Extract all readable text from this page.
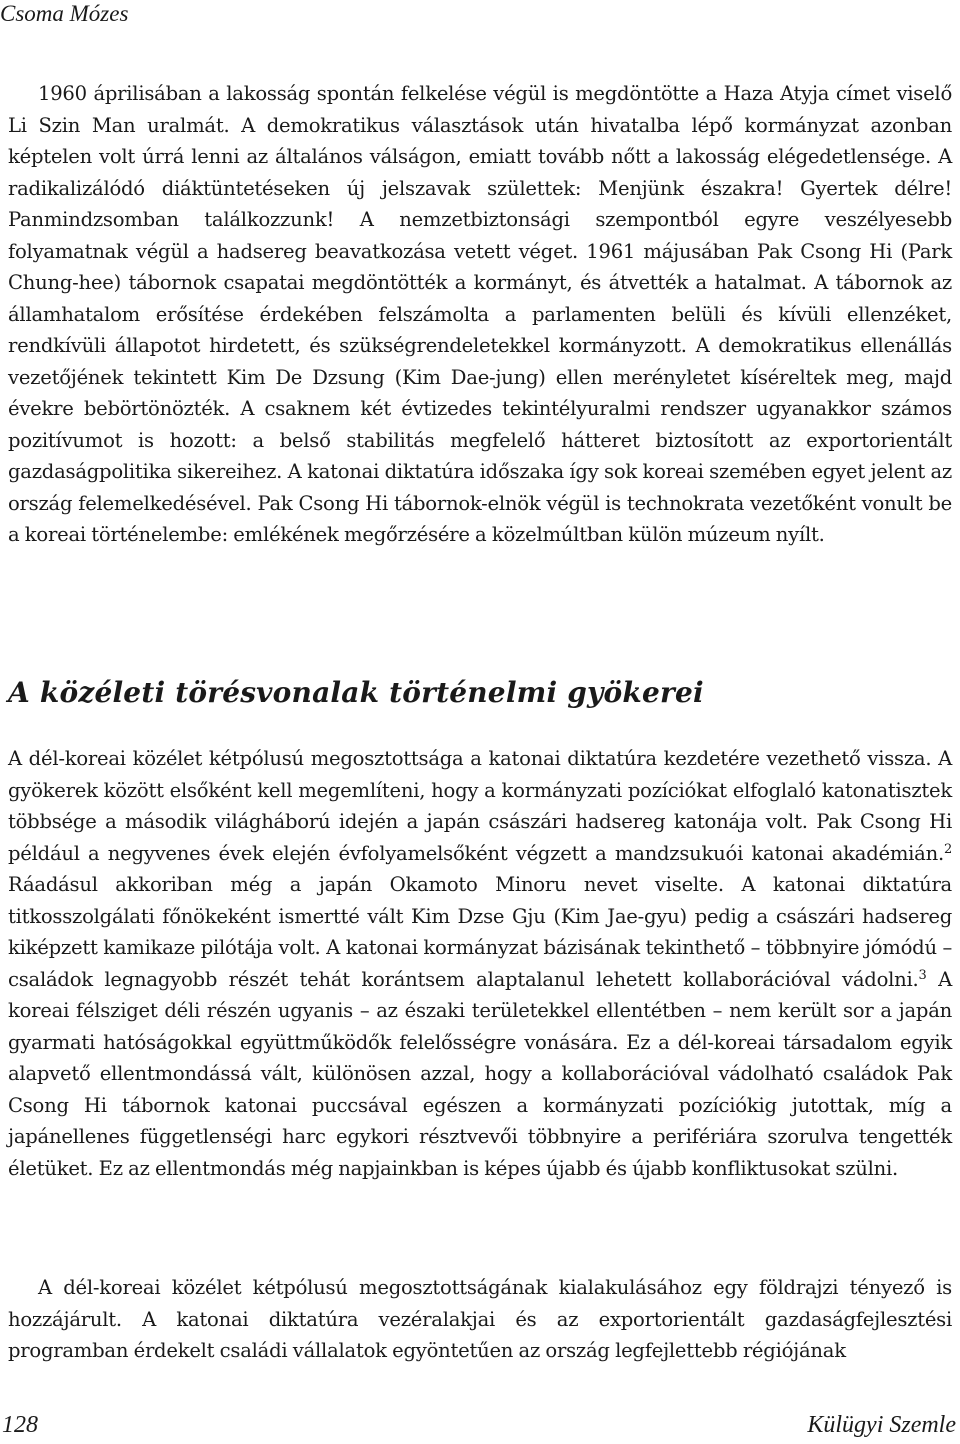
Csoma Mózes

1960 áprilisában a lakosság spontán felkelése végül is megdöntötte a Haza Atyja címet viselő Li Szin Man uralmát. A demokratikus választások után hivatalba lépő kormányzat azonban képtelen volt úrrá lenni az általános válságon, emiatt tovább nőtt a lakosság elégedetlensége. A radikalizálódó diáktüntetéseken új jelszavak születtek: Menjünk északra! Gyertek délre! Panmindzsomban találkozzunk! A nemzetbiztonsági szempontból egyre veszélyesebb folyamatnak végül a hadsereg beavatkozása vetett véget. 1961 májusában Pak Csong Hi (Park Chung-hee) tábornok csapatai megdöntötték a kormányt, és átvették a hatalmat. A tábornok az államhatalom erősítése érdekében felszámolta a parlamenten belüli és kívüli ellenzéket, rendkívüli állapotot hirdetett, és szükségrendeletekkel kormányzott. A demokratikus ellenállás vezetőjének tekintett Kim De Dzsung (Kim Dae-jung) ellen merényletet kíséreltek meg, majd évekre bebörtönözték. A csaknem két évtizedes tekintélyuralmi rendszer ugyanakkor számos pozitívumot is hozott: a belső stabilitás megfelelő hátteret biztosított az exportorientált gazdaságpolitika sikereihez. A katonai diktatúra időszaka így sok koreai szemében egyet jelent az ország felemelkedésével. Pak Csong Hi tábornok-elnök végül is technokrata vezetőként vonult be a koreai történelembe: emlékének megőrzésére a közelmúltban külön múzeum nyílt.

A közéleti törésvonalak történelmi gyökerei

A dél-koreai közélet kétpólusú megosztottsága a katonai diktatúra kezdetére vezethető vissza. A gyökerek között elsőként kell megemlíteni, hogy a kormányzati pozíciókat elfoglaló katonatisztek többsége a második világháború idején a japán császári hadsereg katonája volt. Pak Csong Hi például a negyvenes évek elején évfolyamelsőként végzett a mandzsukuói katonai akadémián.$^2$ Ráadásul akkoriban még a japán Okamoto Minoru nevet viselte. A katonai diktatúra titkosszolgálati főnökeként ismertté vált Kim Dzse Gju (Kim Jae-gyu) pedig a császári hadsereg kiképzett kamikaze pilótája volt. A katonai kormányzat bázisának tekinthető – többnyire jómódú – családok legnagyobb részét tehát korántsem alaptalanul lehetett kollaborációval vádolni.$^3$ A koreai félsziget déli részén ugyanis – az északi területekkel ellentétben – nem került sor a japán gyarmati hatóságokkal együttműködők felelősségre vonására. Ez a dél-koreai társadalom egyik alapvető ellentmondássá vált, különösen azzal, hogy a kollaborációval vádolható családok Pak Csong Hi tábornok katonai puccsával egészen a kormányzati pozíciókig jutottak, míg a japánellenes függetlenségi harc egykori résztvevői többnyire a perifériára szorulva tengették életüket. Ez az ellentmondás még napjainkban is képes újabb és újabb konfliktusokat szülni.

A dél-koreai közélet kétpólusú megosztottságának kialakulásához egy földrajzi tényező is hozzájárult. A katonai diktatúra vezéralakjai és az exportorientált gazdaságfejlesztési programban érdekelt családi vállalatok egyöntetűen az ország legfejlettebb régiójának

128	Külügyi Szemle
